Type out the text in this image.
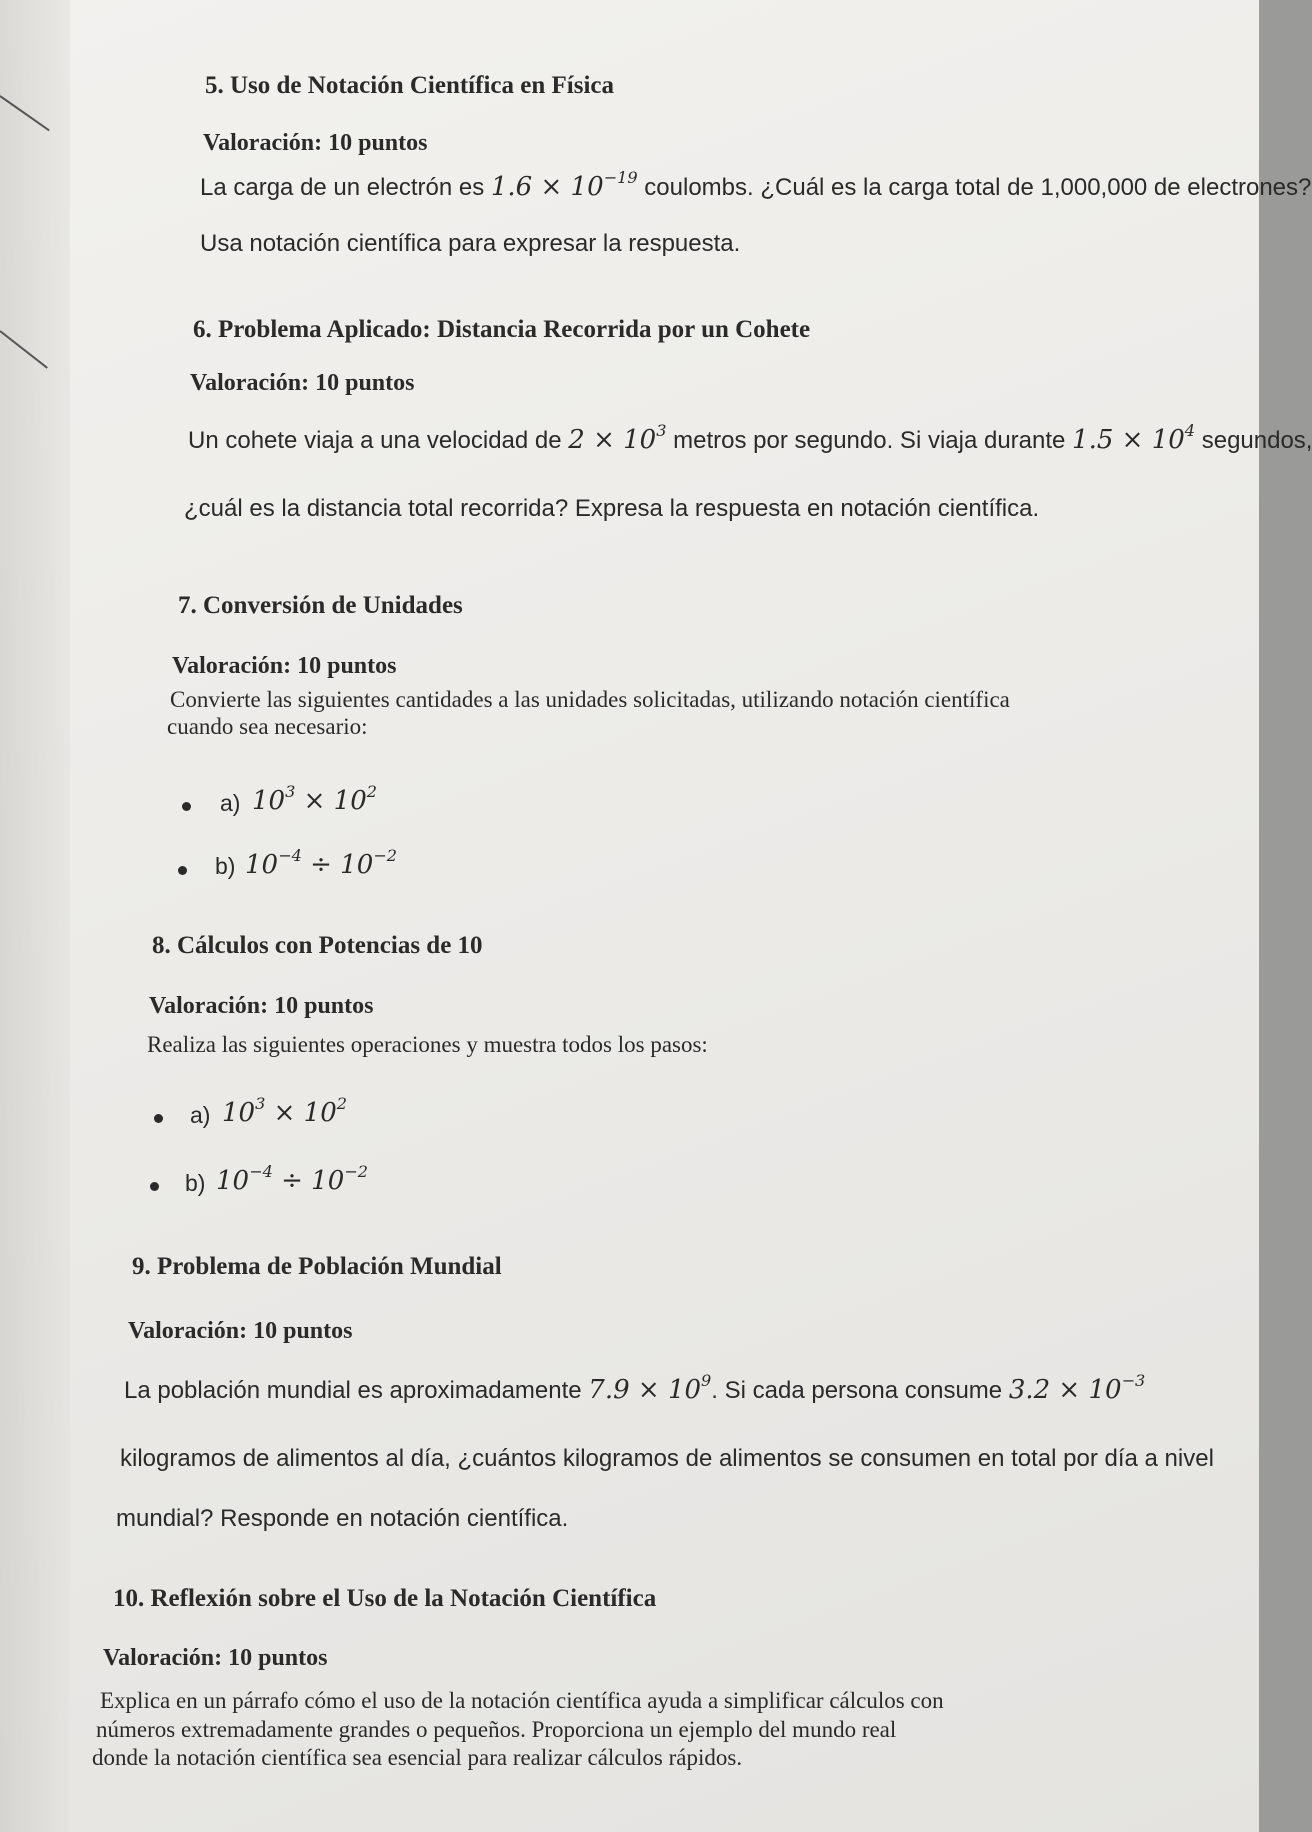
5. Uso de Notación Científica en Física
Valoración: 10 puntos
La carga de un electrón es $1.6 \times 10^{-19}$ coulombs. ¿Cuál es la carga total de 1,000,000 de electrones?
Usa notación científica para expresar la respuesta.
6. Problema Aplicado: Distancia Recorrida por un Cohete
Valoración: 10 puntos
Un cohete viaja a una velocidad de $2 \times 10^3$ metros por segundo. Si viaja durante $1.5 \times 10^4$ segundos,
¿cuál es la distancia total recorrida? Expresa la respuesta en notación científica.
7. Conversión de Unidades
Valoración: 10 puntos
Convierte las siguientes cantidades a las unidades solicitadas, utilizando notación científica
cuando sea necesario:
a) $10^3 \times 10^2$
b) $10^{-4} \div 10^{-2}$
8. Cálculos con Potencias de 10
Valoración: 10 puntos
Realiza las siguientes operaciones y muestra todos los pasos:
a) $10^3 \times 10^2$
b) $10^{-4} \div 10^{-2}$
9. Problema de Población Mundial
Valoración: 10 puntos
La población mundial es aproximadamente $7.9 \times 10^9$. Si cada persona consume $3.2 \times 10^{-3}$
kilogramos de alimentos al día, ¿cuántos kilogramos de alimentos se consumen en total por día a nivel
mundial? Responde en notación científica.
10. Reflexión sobre el Uso de la Notación Científica
Valoración: 10 puntos
Explica en un párrafo cómo el uso de la notación científica ayuda a simplificar cálculos con
números extremadamente grandes o pequeños. Proporciona un ejemplo del mundo real
donde la notación científica sea esencial para realizar cálculos rápidos.
